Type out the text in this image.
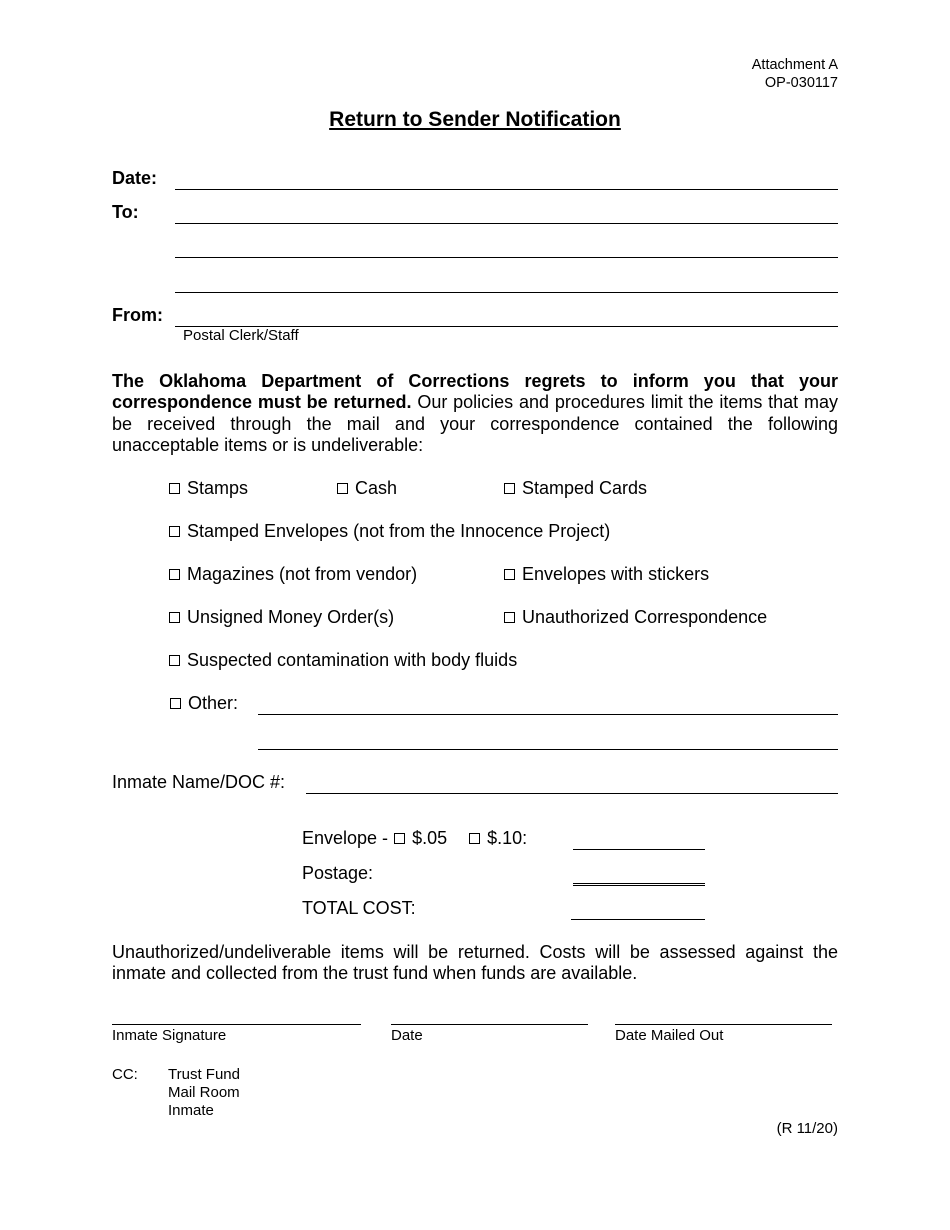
Attachment A
OP-030117
Return to Sender Notification
Date:
To:
From:
Postal Clerk/Staff
The Oklahoma Department of Corrections regrets to inform you that your correspondence must be returned. Our policies and procedures limit the items that may be received through the mail and your correspondence contained the following unacceptable items or is undeliverable:
Stamps	Cash	Stamped Cards
Stamped Envelopes (not from the Innocence Project)
Magazines (not from vendor)	Envelopes with stickers
Unsigned Money Order(s)	Unauthorized Correspondence
Suspected contamination with body fluids
Other:
Inmate Name/DOC #:
Envelope - $.05 $.10:
Postage:
TOTAL COST:
Unauthorized/undeliverable items will be returned. Costs will be assessed against the inmate and collected from the trust fund when funds are available.
Inmate Signature	Date	Date Mailed Out
CC: Trust Fund
Mail Room
Inmate
(R 11/20)
